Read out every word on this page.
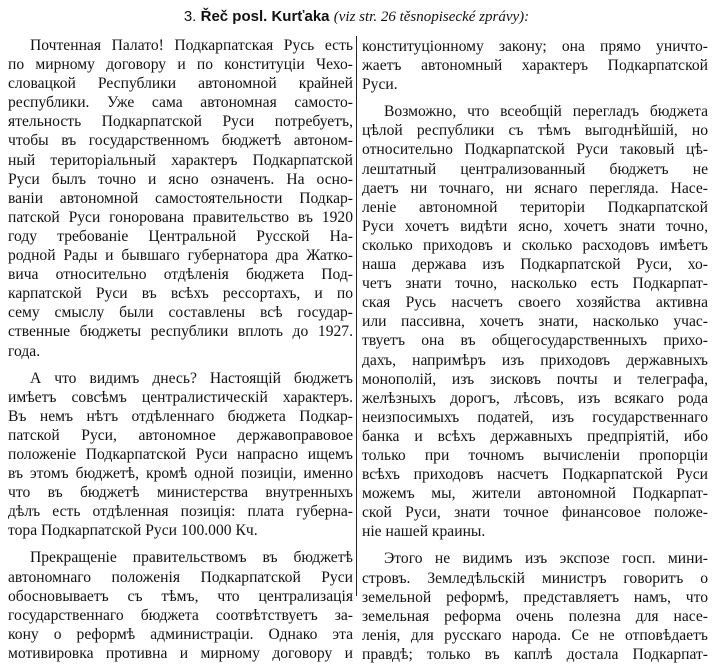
3. Řeč posl. Kurťaka (viz str. 26 těsnopisecké zprávy):
Почтенная Палато! Подкарпатская Русь есть
по мирному договору и по конституціи Чехо-
словацкой Республики автономной крайней
республики. Уже сама автономная самосто-
ятельность Подкарпатской Руси потребуетъ,
чтобы въ государственномъ бюджетѣ автоном-
ный територіальный характеръ Подкарпатской
Руси былъ точно и ясно означенъ. На осно-
ваніи автономной самостоятельности Подкар-
патской Руси гонорована правительство въ 1920
году требованіе Центральной Русской На-
родной Рады и бывшаго губернатора дра Жатко-
вича относительно отдѣленія бюджета Под-
карпатской Руси въ всѣхъ рессортахъ, и по
сему смыслу были составлены всѣ государ-
ственные бюджеты республики вплоть до 1927.
года.
А что видимъ днесь? Настоящій бюджетъ
имѣетъ совсѣмъ централистическій характеръ.
Въ немъ нѣтъ отдѣленнаго бюджета Подкар-
патской Руси, автономное державоправовое
положеніе Подкарпатской Руси напрасно ищемъ
въ этомъ бюджетѣ, кромѣ одной позиціи, именно
что въ бюджетѣ министерства внутренныхъ
дѣлъ есть отдѣленная позиція: плата губерна-
тора Подкарпатской Руси 100.000 Кч.
Прекращеніе правительствомъ въ бюджетѣ
автономнаго положенія Подкарпатской Руси
обосновываетъ съ тѣмъ, что централизація
государственнаго бюджета соотвѣтствуетъ за-
кону о реформѣ администраціи. Однако эта
мотивировка противна и мирному договору и
конституціонному закону; она прямо уничто-
жаетъ автономный характеръ Подкарпатской
Руси.
Возможно, что всеобщій перегладъ бюджета
цѣлой республики съ тѣмъ выгоднѣйшій, но
относительно Подкарпатской Руси таковый цѣ-
лештатный централизованный бюджетъ не
даетъ ни точнаго, ни яснаго перегляда. Насе-
леніе автономной територіи Подкарпатской
Руси хочетъ видѣти ясно, хочетъ знати точно,
сколько приходовъ и сколько расходовъ имѣетъ
наша держава изъ Подкарпатской Руси, хо-
четъ знати точно, насколько есть Подкарпат-
ская Русь насчетъ своего хозяйства активна
или пассивна, хочетъ знати, насколько учас-
твуетъ она въ общегосударственныхъ прихо-
дахъ, напримѣръ изъ приходовъ державныхъ
монополій, изъ зисковъ почты и телеграфа,
желѣзныхъ дорогъ, лѣсовъ, изъ всякаго рода
неизпосимыхъ податей, изъ государственнаго
банка и всѣхъ державныхъ предпріятій, ибо
только при точномъ вычисленіи пропорціи
всѣхъ приходовъ насчетъ Подкарпатской Руси
можемъ мы, жители автономной Подкарпат-
ской Руси, знати точное финансовое положе-
ніе нашей краины.
Этого не видимъ изъ экспозе госп. мини-
стровъ. Земледѣльскій министръ говоритъ о
земельной реформѣ, представляетъ намъ, что
земельная реформа очень полезна для насе-
ленія, для русскаго народа. Се не отповѣдаетъ
правдѣ; только въ каплѣ достала Подкарпат-
